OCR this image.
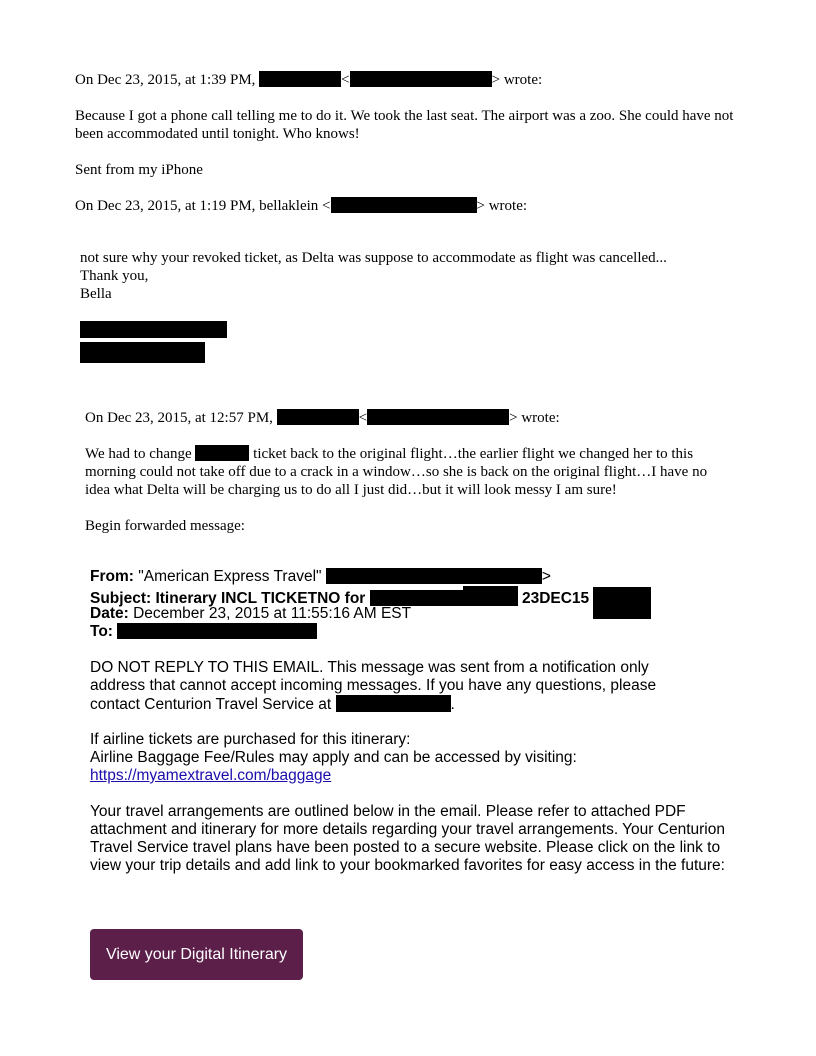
On Dec 23, 2015, at 1:39 PM,	<	> wrote:

Because I got a phone call telling me to do it. We took the last seat. The airport was a zoo. She could have not been accommodated until tonight. Who knows!

Sent from my iPhone

On Dec 23, 2015, at 1:19 PM, bellaklein <	> wrote:
not sure why your revoked ticket, as Delta was suppose to accommodate as flight was cancelled...
Thank you,
Bella
On Dec 23, 2015, at 12:57 PM,	<	> wrote:

We had to change	ticket back to the original flight…the earlier flight we changed her to this morning could not take off due to a crack in a window…so she is back on the original flight…I have no idea what Delta will be charging us to do all I just did…but it will look messy I am sure!

Begin forwarded message:

From: "American Express Travel"	>
Subject: Itinerary INCL TICKETNO for	23DEC15
Date: December 23, 2015 at 11:55:16 AM EST
To:

DO NOT REPLY TO THIS EMAIL. This message was sent from a notification only address that cannot accept incoming messages. If you have any questions, please contact Centurion Travel Service at	.

If airline tickets are purchased for this itinerary:
Airline Baggage Fee/Rules may apply and can be accessed by visiting:
https://myamextravel.com/baggage

Your travel arrangements are outlined below in the email. Please refer to attached PDF attachment and itinerary for more details regarding your travel arrangements. Your Centurion Travel Service travel plans have been posted to a secure website. Please click on the link to view your trip details and add link to your bookmarked favorites for easy access in the future:

View your Digital Itinerary
